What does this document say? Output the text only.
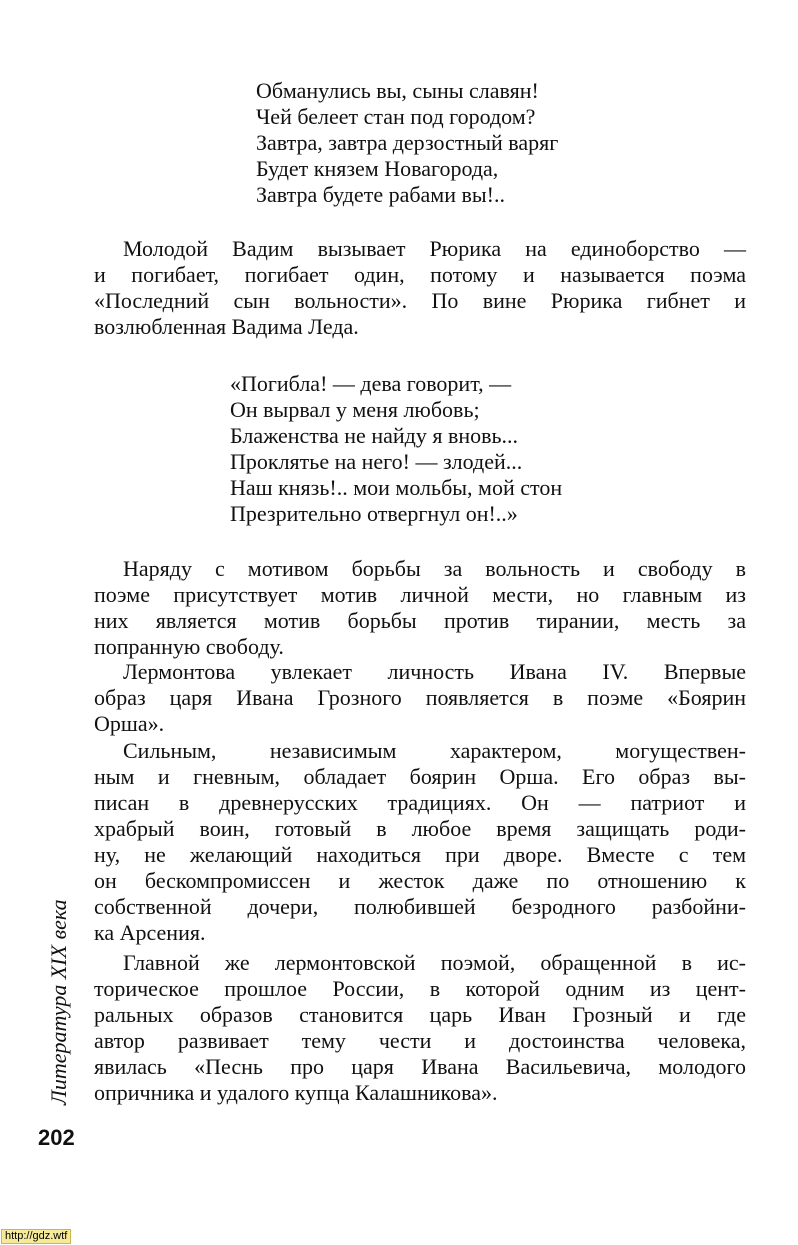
Обманулись вы, сыны славян!
Чей белеет стан под городом?
Завтра, завтра дерзостный варяг
Будет князем Новагорода,
Завтра будете рабами вы!..
Молодой Вадим вызывает Рюрика на единоборство —
и погибает, погибает один, потому и называется поэма
«Последний сын вольности». По вине Рюрика гибнет и
возлюбленная Вадима Леда.
«Погибла! — дева говорит, —
Он вырвал у меня любовь;
Блаженства не найду я вновь...
Проклятье на него! — злодей...
Наш князь!.. мои мольбы, мой стон
Презрительно отвергнул он!..»
Наряду с мотивом борьбы за вольность и свободу в
поэме присутствует мотив личной мести, но главным из
них является мотив борьбы против тирании, месть за
попранную свободу.
Лермонтова увлекает личность Ивана IV. Впервые
образ царя Ивана Грозного появляется в поэме «Боярин
Орша».
Сильным, независимым характером, могуществен-
ным и гневным, обладает боярин Орша. Его образ вы-
писан в древнерусских традициях. Он — патриот и
храбрый воин, готовый в любое время защищать роди-
ну, не желающий находиться при дворе. Вместе с тем
он бескомпромиссен и жесток даже по отношению к
собственной дочери, полюбившей безродного разбойни-
ка Арсения.
Главной же лермонтовской поэмой, обращенной в ис-
торическое прошлое России, в которой одним из цент-
ральных образов становится царь Иван Грозный и где
автор развивает тему чести и достоинства человека,
явилась «Песнь про царя Ивана Васильевича, молодого
опричника и удалого купца Калашникова».
Литература XIX века
202
http://gdz.wtf
